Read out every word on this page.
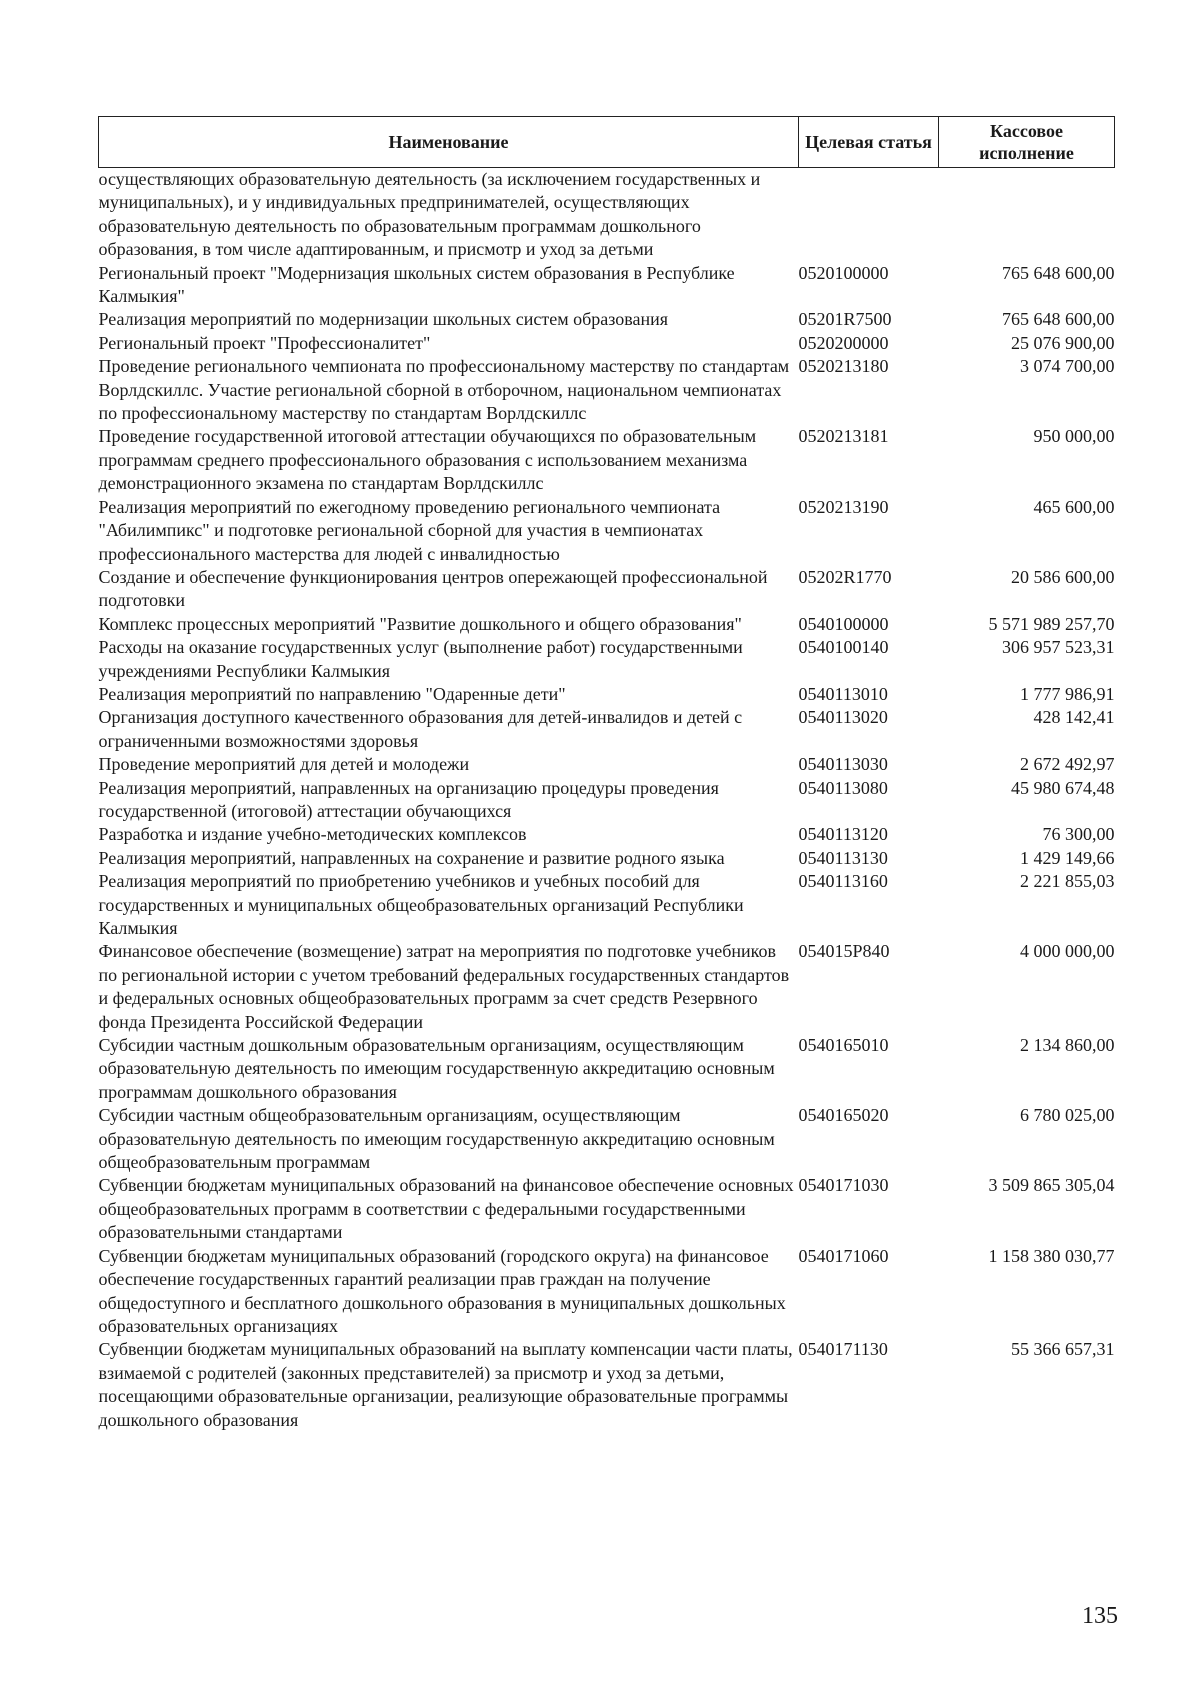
Наименование	Целевая статья	Кассовое исполнение
осуществляющих образовательную деятельность (за исключением государственных и муниципальных), и у индивидуальных предпринимателей, осуществляющих образовательную деятельность по образовательным программам дошкольного образования, в том числе адаптированным, и присмотр и уход за детьми		
Региональный проект "Модернизация школьных систем образования в Республике Калмыкия"	0520100000	765 648 600,00
Реализация мероприятий по модернизации школьных систем образования	05201R7500	765 648 600,00
Региональный проект "Профессионалитет"	0520200000	25 076 900,00
Проведение регионального чемпионата по профессиональному мастерству по стандартам Ворлдскиллс. Участие региональной сборной в отборочном, национальном чемпионатах по профессиональному мастерству по стандартам Ворлдскиллс	0520213180	3 074 700,00
Проведение государственной итоговой аттестации обучающихся по образовательным программам среднего профессионального образования с использованием механизма демонстрационного экзамена по стандартам Ворлдскиллс	0520213181	950 000,00
Реализация мероприятий по ежегодному проведению регионального чемпионата "Абилимпикс" и подготовке региональной сборной для участия в чемпионатах профессионального мастерства для людей с инвалидностью	0520213190	465 600,00
Создание и обеспечение функционирования центров опережающей профессиональной подготовки	05202R1770	20 586 600,00
Комплекс процессных мероприятий "Развитие дошкольного и общего образования"	0540100000	5 571 989 257,70
Расходы на оказание государственных услуг (выполнение работ) государственными учреждениями Республики Калмыкия	0540100140	306 957 523,31
Реализация мероприятий по направлению "Одаренные дети"	0540113010	1 777 986,91
Организация доступного качественного образования для детей-инвалидов и детей с ограниченными возможностями здоровья	0540113020	428 142,41
Проведение мероприятий для детей и молодежи	0540113030	2 672 492,97
Реализация мероприятий, направленных на организацию процедуры проведения государственной (итоговой) аттестации обучающихся	0540113080	45 980 674,48
Разработка и издание учебно-методических комплексов	0540113120	76 300,00
Реализация мероприятий, направленных на сохранение и развитие родного языка	0540113130	1 429 149,66
Реализация мероприятий по приобретению учебников и учебных пособий для государственных и муниципальных общеобразовательных организаций Республики Калмыкия	0540113160	2 221 855,03
Финансовое обеспечение (возмещение) затрат на мероприятия по подготовке учебников по региональной истории с учетом требований федеральных государственных стандартов и федеральных основных общеобразовательных программ за счет средств Резервного фонда Президента Российской Федерации	054015P840	4 000 000,00
Субсидии частным дошкольным образовательным организациям, осуществляющим образовательную деятельность по имеющим государственную аккредитацию основным программам дошкольного образования	0540165010	2 134 860,00
Субсидии частным общеобразовательным организациям, осуществляющим образовательную деятельность по имеющим государственную аккредитацию основным общеобразовательным программам	0540165020	6 780 025,00
Субвенции бюджетам муниципальных образований на финансовое обеспечение основных общеобразовательных программ в соответствии с федеральными государственными образовательными стандартами	0540171030	3 509 865 305,04
Субвенции бюджетам муниципальных образований (городского округа) на финансовое обеспечение государственных гарантий реализации прав граждан на получение общедоступного и бесплатного дошкольного образования в муниципальных дошкольных образовательных организациях	0540171060	1 158 380 030,77
Субвенции бюджетам муниципальных образований на выплату компенсации части платы, взимаемой с родителей (законных представителей) за присмотр и уход за детьми, посещающими образовательные организации, реализующие образовательные программы дошкольного образования	0540171130	55 366 657,31
135
